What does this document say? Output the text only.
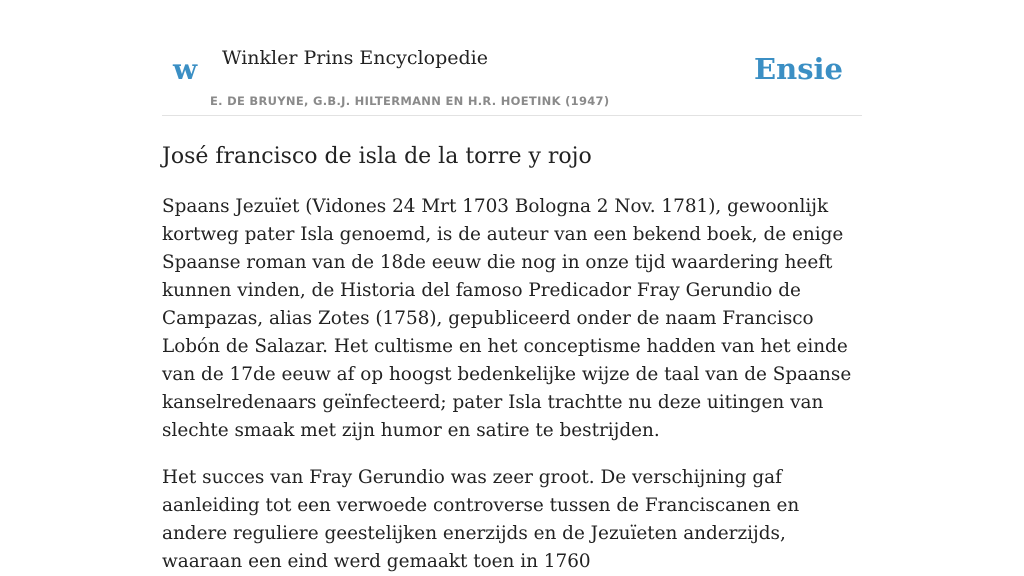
w Winkler Prins Encyclopedie
E. DE BRUYNE, G.B.J. HILTERMANN EN H.R. HOETINK (1947)
Ensie
José francisco de isla de la torre y rojo

Spaans Jezuïet (Vidones 24 Mrt 1703 Bologna 2 Nov. 1781), gewoonlijk kortweg pater Isla genoemd, is de auteur van een bekend boek, de enige Spaanse roman van de 18de eeuw die nog in onze tijd waardering heeft kunnen vinden, de Historia del famoso Predicador Fray Gerundio de Campazas, alias Zotes (1758), gepubliceerd onder de naam Francisco Lobón de Salazar. Het cultisme en het conceptisme hadden van het einde van de 17de eeuw af op hoogst bedenkelijke wijze de taal van de Spaanse kanselredenaars geïnfecteerd; pater Isla trachtte nu deze uitingen van slechte smaak met zijn humor en satire te bestrijden.

Het succes van Fray Gerundio was zeer groot. De verschijning gaf aanleiding tot een verwoede controverse tussen de Franciscanen en andere reguliere geestelijken enerzijds en de Jezuïeten anderzijds, waaraan een eind werd gemaakt toen in 1760
